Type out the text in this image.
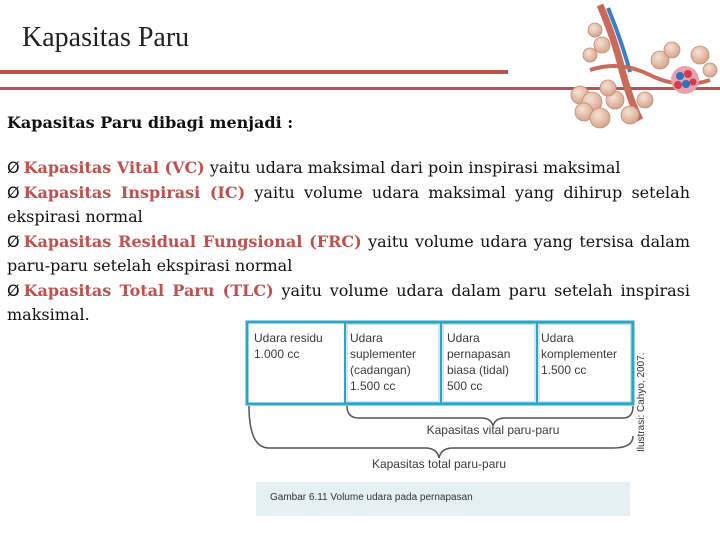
Kapasitas Paru
Kapasitas Paru dibagi menjadi :
Ø Kapasitas Vital (VC) yaitu udara maksimal dari poin inspirasi maksimal
Ø Kapasitas Inspirasi (IC) yaitu volume udara maksimal yang dihirup setelah ekspirasi normal
Ø Kapasitas Residual Fungsional (FRC) yaitu volume udara yang tersisa dalam paru-paru setelah ekspirasi normal
Ø Kapasitas Total Paru (TLC) yaitu volume udara dalam paru setelah inspirasi maksimal.
Udara residu 1.000 cc
Udara suplementer (cadangan) 1.500 cc
Udara pernapasan biasa (tidal) 500 cc
Udara komplementer 1.500 cc
Kapasitas vital paru-paru
Kapasitas total paru-paru
Ilustrasi: Cahyo, 2007.
Gambar 6.11 Volume udara pada pernapasan
